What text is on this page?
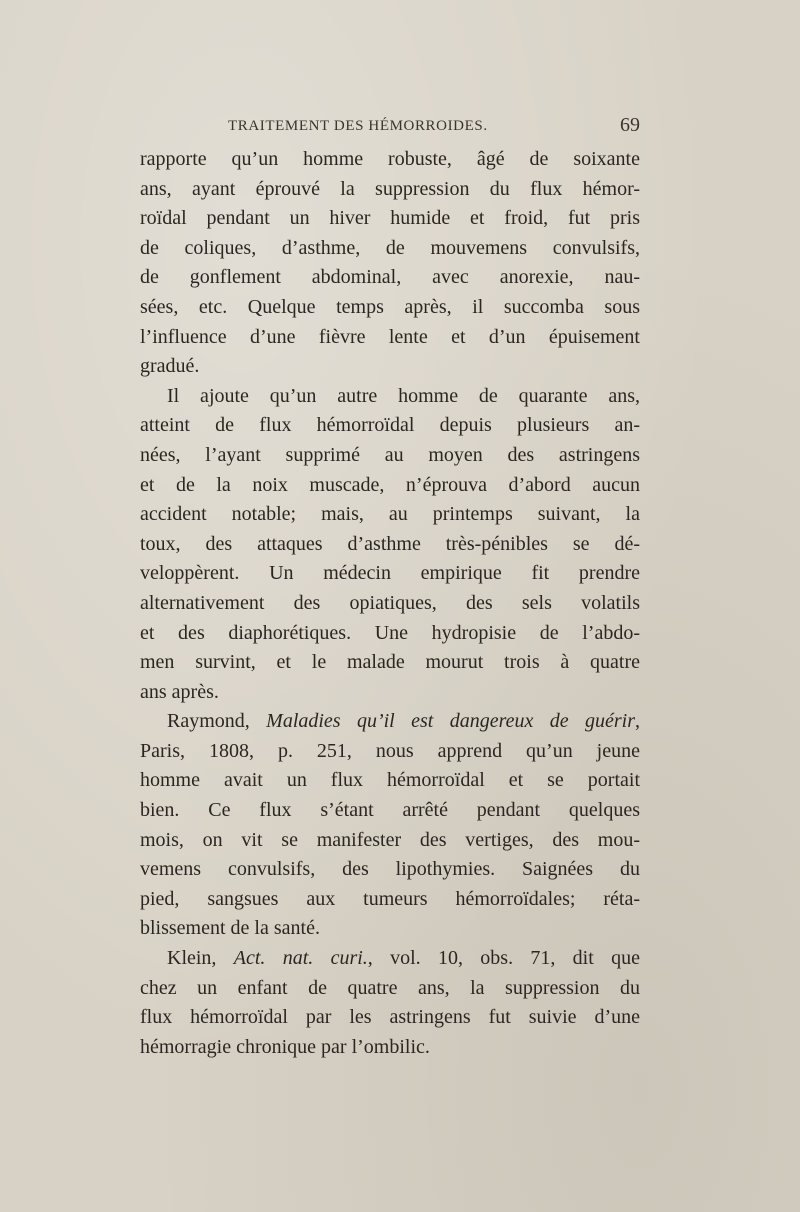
TRAITEMENT DES HÉMORROIDES.	69
rapporte qu’un homme robuste, âgé de soixante
ans, ayant éprouvé la suppression du flux hémor-
roïdal pendant un hiver humide et froid, fut pris
de coliques, d’asthme, de mouvemens convulsifs,
de gonflement abdominal, avec anorexie, nau-
sées, etc. Quelque temps après, il succomba sous
l’influence d’une fièvre lente et d’un épuisement
gradué.
Il ajoute qu’un autre homme de quarante ans,
atteint de flux hémorroïdal depuis plusieurs an-
nées, l’ayant supprimé au moyen des astringens
et de la noix muscade, n’éprouva d’abord aucun
accident notable; mais, au printemps suivant, la
toux, des attaques d’asthme très-pénibles se dé-
veloppèrent. Un médecin empirique fit prendre
alternativement des opiatiques, des sels volatils
et des diaphorétiques. Une hydropisie de l’abdo-
men survint, et le malade mourut trois à quatre
ans après.
Raymond, Maladies qu’il est dangereux de guérir,
Paris, 1808, p. 251, nous apprend qu’un jeune
homme avait un flux hémorroïdal et se portait
bien. Ce flux s’étant arrêté pendant quelques
mois, on vit se manifester des vertiges, des mou-
vemens convulsifs, des lipothymies. Saignées du
pied, sangsues aux tumeurs hémorroïdales; réta-
blissement de la santé.
Klein, Act. nat. curi., vol. 10, obs. 71, dit que
chez un enfant de quatre ans, la suppression du
flux hémorroïdal par les astringens fut suivie d’une
hémorragie chronique par l’ombilic.
